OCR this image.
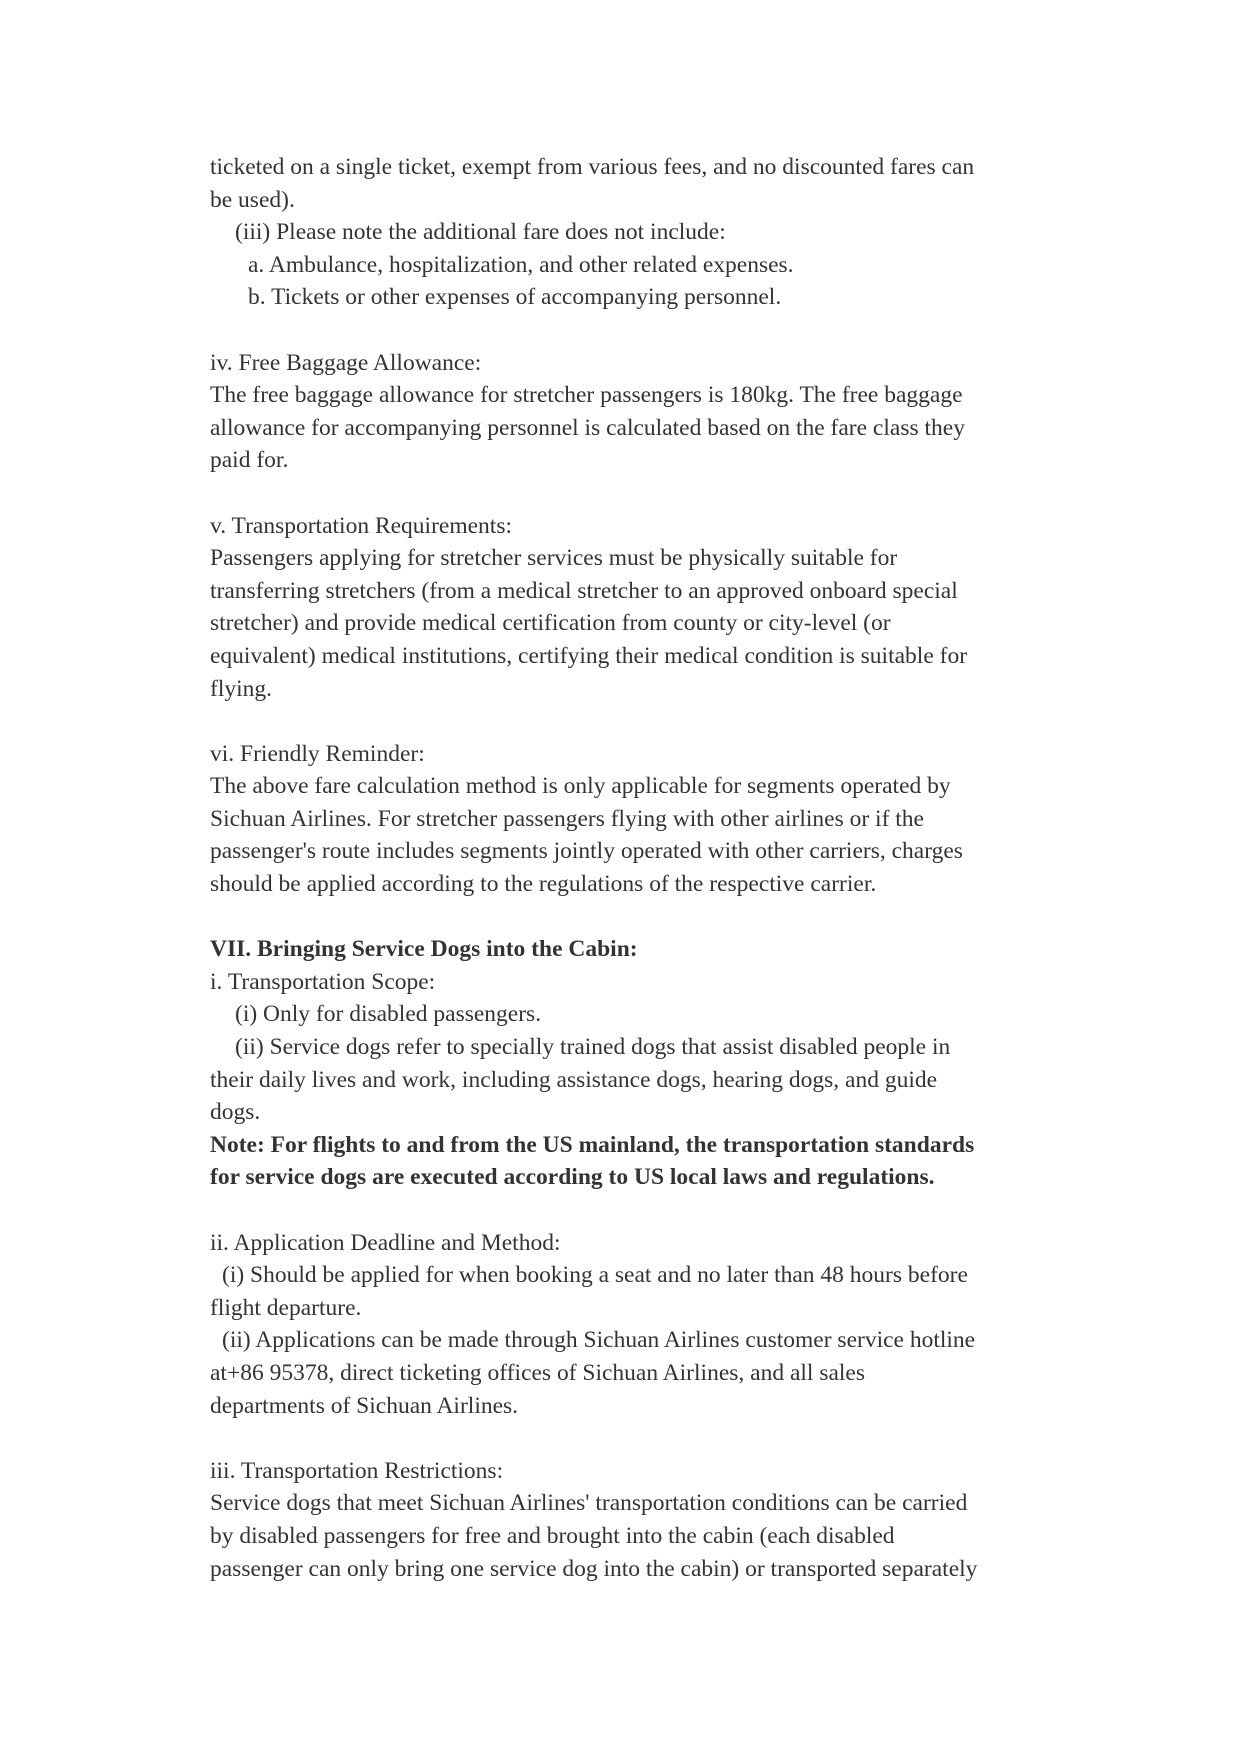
ticketed on a single ticket, exempt from various fees, and no discounted fares can
be used).
(iii) Please note the additional fare does not include:
a. Ambulance, hospitalization, and other related expenses.
b. Tickets or other expenses of accompanying personnel.
iv. Free Baggage Allowance:
The free baggage allowance for stretcher passengers is 180kg. The free baggage
allowance for accompanying personnel is calculated based on the fare class they
paid for.
v. Transportation Requirements:
Passengers applying for stretcher services must be physically suitable for
transferring stretchers (from a medical stretcher to an approved onboard special
stretcher) and provide medical certification from county or city-level (or
equivalent) medical institutions, certifying their medical condition is suitable for
flying.
vi. Friendly Reminder:
The above fare calculation method is only applicable for segments operated by
Sichuan Airlines. For stretcher passengers flying with other airlines or if the
passenger's route includes segments jointly operated with other carriers, charges
should be applied according to the regulations of the respective carrier.
VII. Bringing Service Dogs into the Cabin:
i. Transportation Scope:
(i) Only for disabled passengers.
(ii) Service dogs refer to specially trained dogs that assist disabled people in
their daily lives and work, including assistance dogs, hearing dogs, and guide
dogs.
Note: For flights to and from the US mainland, the transportation standards
for service dogs are executed according to US local laws and regulations.
ii. Application Deadline and Method:
(i) Should be applied for when booking a seat and no later than 48 hours before
flight departure.
(ii) Applications can be made through Sichuan Airlines customer service hotline
at+86 95378, direct ticketing offices of Sichuan Airlines, and all sales
departments of Sichuan Airlines.
iii. Transportation Restrictions:
Service dogs that meet Sichuan Airlines' transportation conditions can be carried
by disabled passengers for free and brought into the cabin (each disabled
passenger can only bring one service dog into the cabin) or transported separately
